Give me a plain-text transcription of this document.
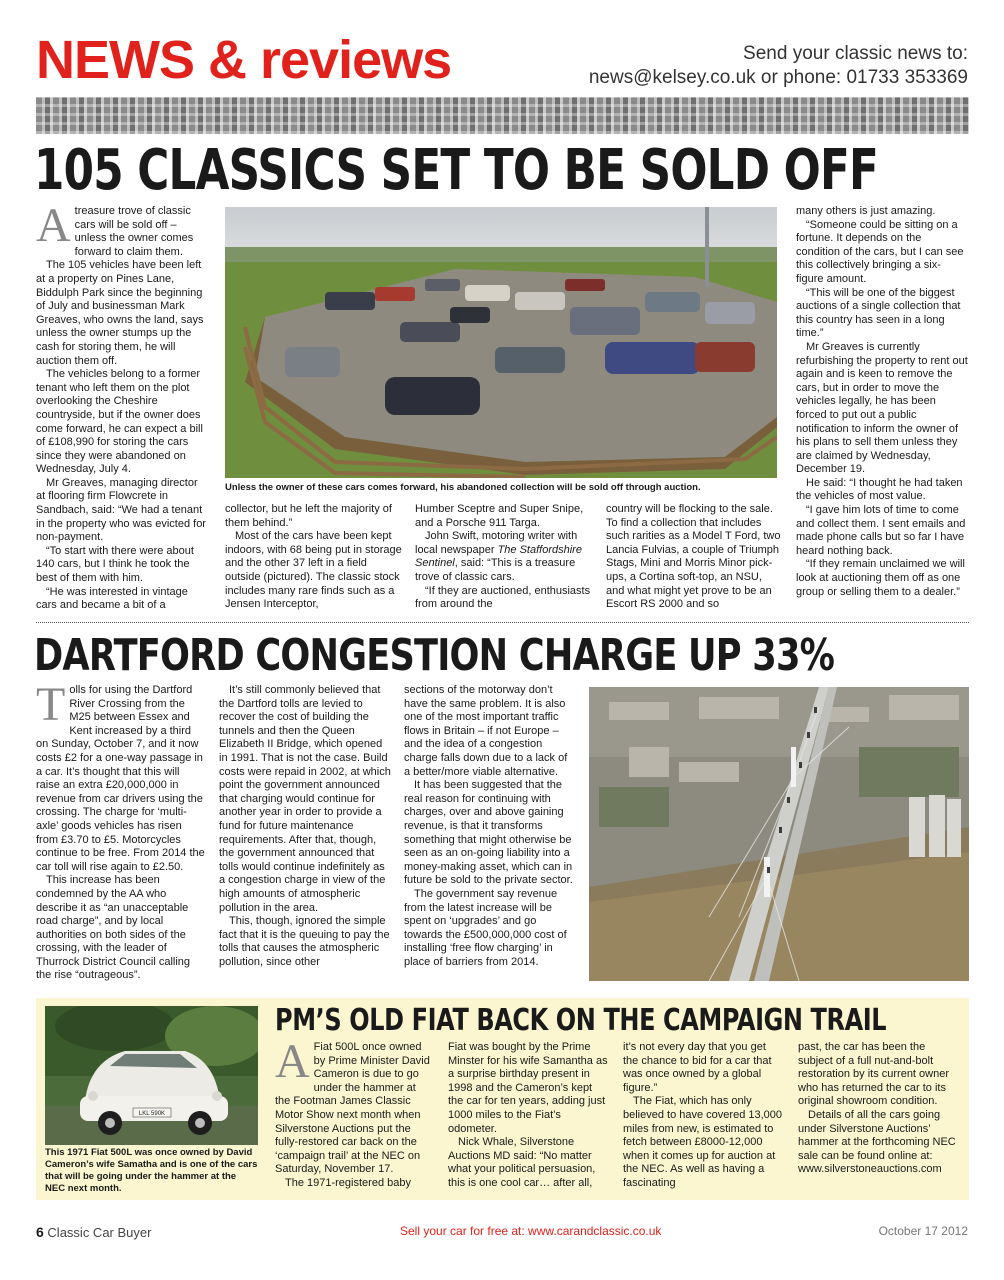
NEWS & reviews	Send your classic news to:
news@kelsey.co.uk or phone: 01733 353369
105 CLASSICS SET TO BE SOLD OFF
A treasure trove of classic cars will be sold off – unless the owner comes forward to claim them.

The 105 vehicles have been left at a property on Pines Lane, Biddulph Park since the beginning of July and businessman Mark Greaves, who owns the land, says unless the owner stumps up the cash for storing them, he will auction them off.

The vehicles belong to a former tenant who left them on the plot overlooking the Cheshire countryside, but if the owner does come forward, he can expect a bill of £108,990 for storing the cars since they were abandoned on Wednesday, July 4.

Mr Greaves, managing director at flooring firm Flowcrete in Sandbach, said: “We had a tenant in the property who was evicted for non-payment.

“To start with there were about 140 cars, but I think he took the best of them with him.

“He was interested in vintage cars and became a bit of a

Unless the owner of these cars comes forward, his abandoned collection will be sold off through auction.

collector, but he left the majority of them behind.”

Most of the cars have been kept indoors, with 68 being put in storage and the other 37 left in a field outside (pictured). The classic stock includes many rare finds such as a Jensen Interceptor,

Humber Sceptre and Super Snipe, and a Porsche 911 Targa.

John Swift, motoring writer with local newspaper The Staffordshire Sentinel, said: “This is a treasure trove of classic cars.

“If they are auctioned, enthusiasts from around the

country will be flocking to the sale. To find a collection that includes such rarities as a Model T Ford, two Lancia Fulvias, a couple of Triumph Stags, Mini and Morris Minor pick-ups, a Cortina soft-top, an NSU, and what might yet prove to be an Escort RS 2000 and so

many others is just amazing.

“Someone could be sitting on a fortune. It depends on the condition of the cars, but I can see this collectively bringing a six-figure amount.

“This will be one of the biggest auctions of a single collection that this country has seen in a long time.”

Mr Greaves is currently refurbishing the property to rent out again and is keen to remove the cars, but in order to move the vehicles legally, he has been forced to put out a public notification to inform the owner of his plans to sell them unless they are claimed by Wednesday, December 19.

He said: “I thought he had taken the vehicles of most value.

“I gave him lots of time to come and collect them. I sent emails and made phone calls but so far I have heard nothing back.

“If they remain unclaimed we will look at auctioning them off as one group or selling them to a dealer.”

DARTFORD CONGESTION CHARGE UP 33%
T olls for using the Dartford River Crossing from the M25 between Essex and Kent increased by a third on Sunday, October 7, and it now costs £2 for a one-way passage in a car. It’s thought that this will raise an extra £20,000,000 in revenue from car drivers using the crossing. The charge for ‘multi-axle’ goods vehicles has risen from £3.70 to £5. Motorcycles continue to be free. From 2014 the car toll will rise again to £2.50.

This increase has been condemned by the AA who describe it as “an unacceptable road charge”, and by local authorities on both sides of the crossing, with the leader of Thurrock District Council calling the rise “outrageous”.

It’s still commonly believed that the Dartford tolls are levied to recover the cost of building the tunnels and then the Queen Elizabeth II Bridge, which opened in 1991. That is not the case. Build costs were repaid in 2002, at which point the government announced that charging would continue for another year in order to provide a fund for future maintenance requirements. After that, though, the government announced that tolls would continue indefinitely as a congestion charge in view of the high amounts of atmospheric pollution in the area.

This, though, ignored the simple fact that it is the queuing to pay the tolls that causes the atmospheric pollution, since other

sections of the motorway don’t have the same problem. It is also one of the most important traffic flows in Britain – if not Europe – and the idea of a congestion charge falls down due to a lack of a better/more viable alternative.

It has been suggested that the real reason for continuing with charges, over and above gaining revenue, is that it transforms something that might otherwise be seen as an on-going liability into a money-making asset, which can in future be sold to the private sector.

The government say revenue from the latest increase will be spent on ‘upgrades’ and go towards the £500,000,000 cost of installing ‘free flow charging’ in place of barriers from 2014.

LKL 590K
This 1971 Fiat 500L was once owned by David Cameron’s wife Samatha and is one of the cars that will be going under the hammer at the NEC next month.
PM’S OLD FIAT BACK ON THE CAMPAIGN TRAIL
A Fiat 500L once owned by Prime Minister David Cameron is due to go under the hammer at the Footman James Classic Motor Show next month when Silverstone Auctions put the fully-restored car back on the ‘campaign trail’ at the NEC on Saturday, November 17.

The 1971-registered baby

Fiat was bought by the Prime Minster for his wife Samantha as a surprise birthday present in 1998 and the Cameron’s kept the car for ten years, adding just 1000 miles to the Fiat’s odometer.

Nick Whale, Silverstone Auctions MD said: “No matter what your political persuasion, this is one cool car… after all,

it’s not every day that you get the chance to bid for a car that was once owned by a global figure.”

The Fiat, which has only believed to have covered 13,000 miles from new, is estimated to fetch between £8000-12,000 when it comes up for auction at the NEC. As well as having a fascinating

past, the car has been the subject of a full nut-and-bolt restoration by its current owner who has returned the car to its original showroom condition.

Details of all the cars going under Silverstone Auctions’ hammer at the forthcoming NEC sale can be found online at: www.silverstoneauctions.com

6 Classic Car Buyer	Sell your car for free at: www.carandclassic.co.uk	October 17 2012
